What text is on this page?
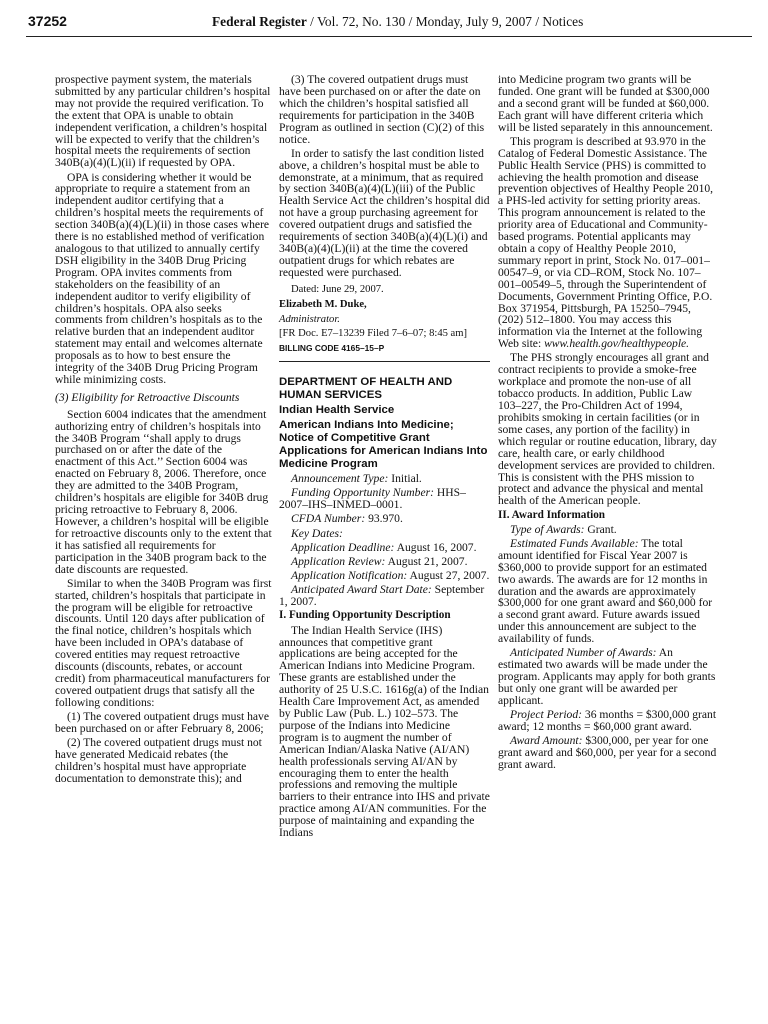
37252	Federal Register / Vol. 72, No. 130 / Monday, July 9, 2007 / Notices

prospective payment system, the materials submitted by any particular children’s hospital may not provide the required verification. To the extent that OPA is unable to obtain independent verification, a children’s hospital will be expected to verify that the children’s hospital meets the requirements of section 340B(a)(4)(L)(ii) if requested by OPA.

OPA is considering whether it would be appropriate to require a statement from an independent auditor certifying that a children’s hospital meets the requirements of section 340B(a)(4)(L)(ii) in those cases where there is no established method of verification analogous to that utilized to annually certify DSH eligibility in the 340B Drug Pricing Program. OPA invites comments from stakeholders on the feasibility of an independent auditor to verify eligibility of children’s hospitals. OPA also seeks comments from children’s hospitals as to the relative burden that an independent auditor statement may entail and welcomes alternate proposals as to how to best ensure the integrity of the 340B Drug Pricing Program while minimizing costs.

(3) Eligibility for Retroactive Discounts

Section 6004 indicates that the amendment authorizing entry of children’s hospitals into the 340B Program ‘‘shall apply to drugs purchased on or after the date of the enactment of this Act.’’ Section 6004 was enacted on February 8, 2006. Therefore, once they are admitted to the 340B Program, children’s hospitals are eligible for 340B drug pricing retroactive to February 8, 2006. However, a children’s hospital will be eligible for retroactive discounts only to the extent that it has satisfied all requirements for participation in the 340B program back to the date discounts are requested.

Similar to when the 340B Program was first started, children’s hospitals that participate in the program will be eligible for retroactive discounts. Until 120 days after publication of the final notice, children’s hospitals which have been included in OPA’s database of covered entities may request retroactive discounts (discounts, rebates, or account credit) from pharmaceutical manufacturers for covered outpatient drugs that satisfy all the following conditions:

(1) The covered outpatient drugs must have been purchased on or after February 8, 2006;

(2) The covered outpatient drugs must not have generated Medicaid rebates (the children’s hospital must have appropriate documentation to demonstrate this); and

(3) The covered outpatient drugs must have been purchased on or after the date on which the children’s hospital satisfied all requirements for participation in the 340B Program as outlined in section (C)(2) of this notice.

In order to satisfy the last condition listed above, a children’s hospital must be able to demonstrate, at a minimum, that as required by section 340B(a)(4)(L)(iii) of the Public Health Service Act the children’s hospital did not have a group purchasing agreement for covered outpatient drugs and satisfied the requirements of section 340B(a)(4)(L)(i) and 340B(a)(4)(L)(ii) at the time the covered outpatient drugs for which rebates are requested were purchased.

Dated: June 29, 2007.

Elizabeth M. Duke,

Administrator.

[FR Doc. E7–13239 Filed 7–6–07; 8:45 am]

BILLING CODE 4165–15–P

DEPARTMENT OF HEALTH AND HUMAN SERVICES

Indian Health Service

American Indians Into Medicine; Notice of Competitive Grant Applications for American Indians Into Medicine Program

Announcement Type: Initial.

Funding Opportunity Number: HHS–2007–IHS–INMED–0001.

CFDA Number: 93.970.

Key Dates:

Application Deadline: August 16, 2007.

Application Review: August 21, 2007.

Application Notification: August 27, 2007.

Anticipated Award Start Date: September 1, 2007.

I. Funding Opportunity Description

The Indian Health Service (IHS) announces that competitive grant applications are being accepted for the American Indians into Medicine Program. These grants are established under the authority of 25 U.S.C. 1616g(a) of the Indian Health Care Improvement Act, as amended by Public Law (Pub. L.) 102–573. The purpose of the Indians into Medicine program is to augment the number of American Indian/Alaska Native (AI/AN) health professionals serving AI/AN by encouraging them to enter the health professions and removing the multiple barriers to their entrance into IHS and private practice among AI/AN communities. For the purpose of maintaining and expanding the Indians

into Medicine program two grants will be funded. One grant will be funded at $300,000 and a second grant will be funded at $60,000. Each grant will have different criteria which will be listed separately in this announcement.

This program is described at 93.970 in the Catalog of Federal Domestic Assistance. The Public Health Service (PHS) is committed to achieving the health promotion and disease prevention objectives of Healthy People 2010, a PHS-led activity for setting priority areas. This program announcement is related to the priority area of Educational and Community-based programs. Potential applicants may obtain a copy of Healthy People 2010, summary report in print, Stock No. 017–001–00547–9, or via CD–ROM, Stock No. 107–001–00549–5, through the Superintendent of Documents, Government Printing Office, P.O. Box 371954, Pittsburgh, PA 15250–7945, (202) 512–1800. You may access this information via the Internet at the following Web site: www.health.gov/healthypeople.

The PHS strongly encourages all grant and contract recipients to provide a smoke-free workplace and promote the non-use of all tobacco products. In addition, Public Law 103–227, the Pro-Children Act of 1994, prohibits smoking in certain facilities (or in some cases, any portion of the facility) in which regular or routine education, library, day care, health care, or early childhood development services are provided to children. This is consistent with the PHS mission to protect and advance the physical and mental health of the American people.

II. Award Information

Type of Awards: Grant.

Estimated Funds Available: The total amount identified for Fiscal Year 2007 is $360,000 to provide support for an estimated two awards. The awards are for 12 months in duration and the awards are approximately $300,000 for one grant award and $60,000 for a second grant award. Future awards issued under this announcement are subject to the availability of funds.

Anticipated Number of Awards: An estimated two awards will be made under the program. Applicants may apply for both grants but only one grant will be awarded per applicant.

Project Period: 36 months = $300,000 grant award; 12 months = $60,000 grant award.

Award Amount: $300,000, per year for one grant award and $60,000, per year for a second grant award.
